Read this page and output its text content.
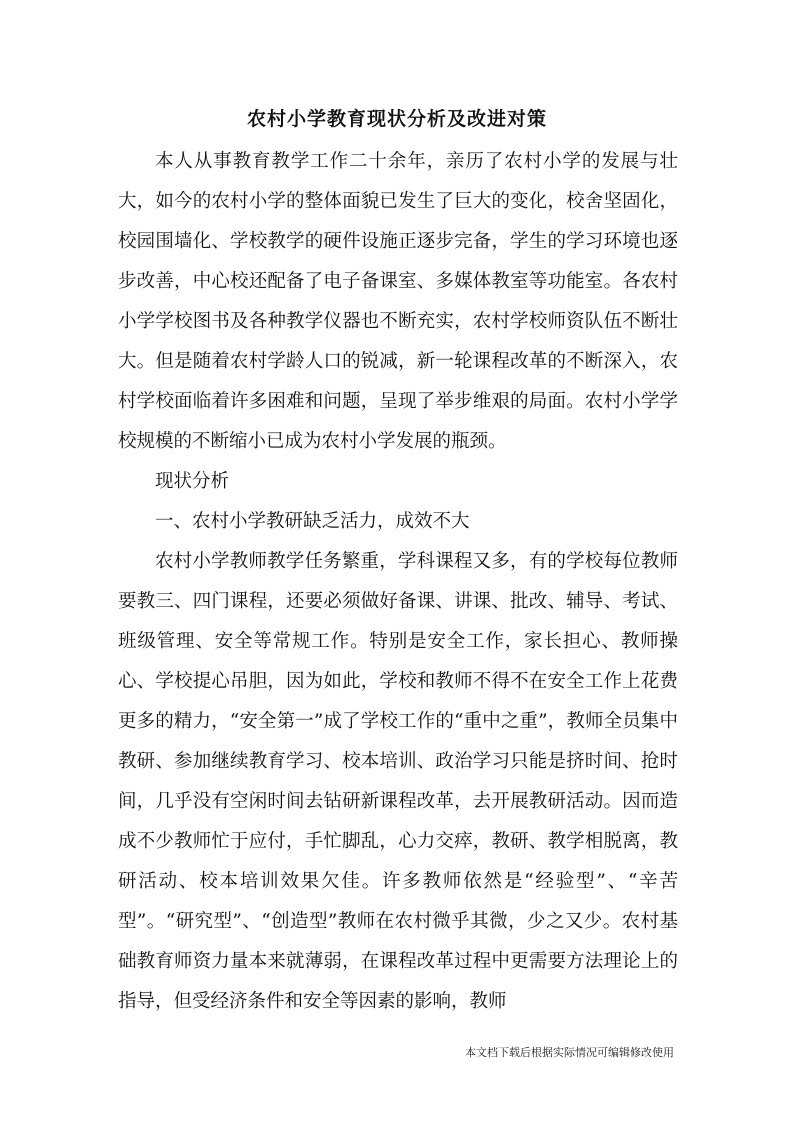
农村小学教育现状分析及改进对策

本人从事教育教学工作二十余年，亲历了农村小学的发展与壮大，如今的农村小学的整体面貌已发生了巨大的变化，校舍坚固化，校园围墙化、学校教学的硬件设施正逐步完备，学生的学习环境也逐步改善，中心校还配备了电子备课室、多媒体教室等功能室。各农村小学学校图书及各种教学仪器也不断充实，农村学校师资队伍不断壮大。但是随着农村学龄人口的锐减，新一轮课程改革的不断深入，农村学校面临着许多困难和问题，呈现了举步维艰的局面。农村小学学校规模的不断缩小已成为农村小学发展的瓶颈。

现状分析

一、农村小学教研缺乏活力，成效不大

农村小学教师教学任务繁重，学科课程又多，有的学校每位教师要教三、四门课程，还要必须做好备课、讲课、批改、辅导、考试、班级管理、安全等常规工作。特别是安全工作，家长担心、教师操心、学校提心吊胆，因为如此，学校和教师不得不在安全工作上花费更多的精力，“安全第一”成了学校工作的“重中之重”，教师全员集中教研、参加继续教育学习、校本培训、政治学习只能是挤时间、抢时间，几乎没有空闲时间去钻研新课程改革，去开展教研活动。因而造成不少教师忙于应付，手忙脚乱，心力交瘁，教研、教学相脱离，教研活动、校本培训效果欠佳。许多教师依然是“经验型”、“辛苦型”。“研究型”、“创造型”教师在农村微乎其微，少之又少。农村基础教育师资力量本来就薄弱，在课程改革过程中更需要方法理论上的指导，但受经济条件和安全等因素的影响，教师

本文档下载后根据实际情况可编辑修改使用
